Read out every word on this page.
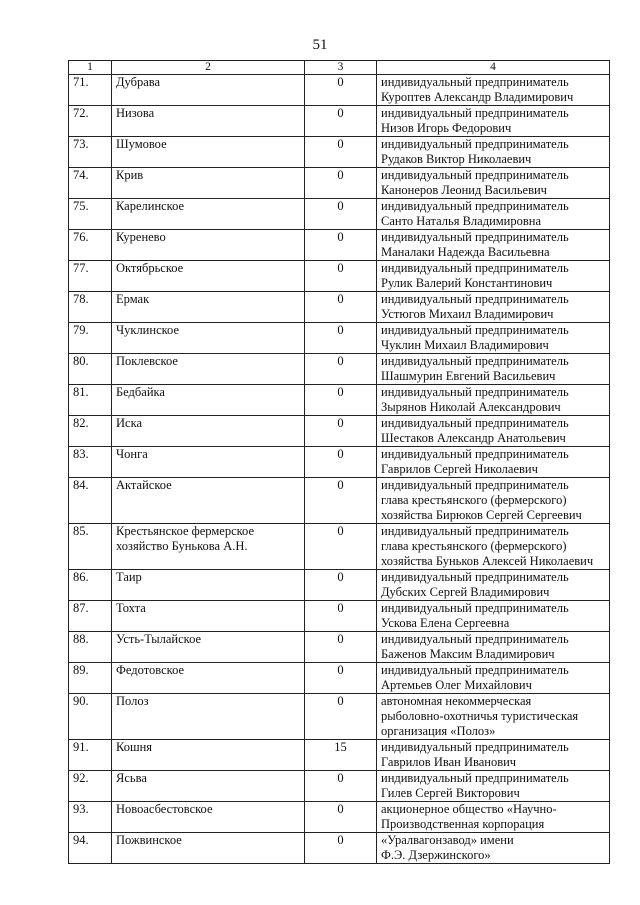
51
1	2	3	4
71.	Дубрава	0	индивидуальный предприниматель
Куроптев Александр Владимирович
72.	Низова	0	индивидуальный предприниматель
Низов Игорь Федорович
73.	Шумовое	0	индивидуальный предприниматель
Рудаков Виктор Николаевич
74.	Крив	0	индивидуальный предприниматель
Канонеров Леонид Васильевич
75.	Карелинское	0	индивидуальный предприниматель
Санто Наталья Владимировна
76.	Куренево	0	индивидуальный предприниматель
Маналаки Надежда Васильевна
77.	Октябрьское	0	индивидуальный предприниматель
Рулик Валерий Константинович
78.	Ермак	0	индивидуальный предприниматель
Устюгов Михаил Владимирович
79.	Чуклинское	0	индивидуальный предприниматель
Чуклин Михаил Владимирович
80.	Поклевское	0	индивидуальный предприниматель
Шашмурин Евгений Васильевич
81.	Бедбайка	0	индивидуальный предприниматель
Зырянов Николай Александрович
82.	Иска	0	индивидуальный предприниматель
Шестаков Александр Анатольевич
83.	Чонга	0	индивидуальный предприниматель
Гаврилов Сергей Николаевич
84.	Актайское	0	индивидуальный предприниматель
глава крестьянского (фермерского)
хозяйства Бирюков Сергей Сергеевич
85.	Крестьянское фермерское
хозяйство Бунькова А.Н.	0	индивидуальный предприниматель
глава крестьянского (фермерского)
хозяйства Буньков Алексей Николаевич
86.	Таир	0	индивидуальный предприниматель
Дубских Сергей Владимирович
87.	Тохта	0	индивидуальный предприниматель
Ускова Елена Сергеевна
88.	Усть-Тылайское	0	индивидуальный предприниматель
Баженов Максим Владимирович
89.	Федотовское	0	индивидуальный предприниматель
Артемьев Олег Михайлович
90.	Полоз	0	автономная некоммерческая
рыболовно-охотничья туристическая
организация «Полоз»
91.	Кошня	15	индивидуальный предприниматель
Гаврилов Иван Иванович
92.	Ясьва	0	индивидуальный предприниматель
Гилев Сергей Викторович
93.	Новоасбестовское	0	акционерное общество «Научно-
Производственная корпорация
94.	Пожвинское	0	«Уралвагонзавод» имени
Ф.Э. Дзержинского»
